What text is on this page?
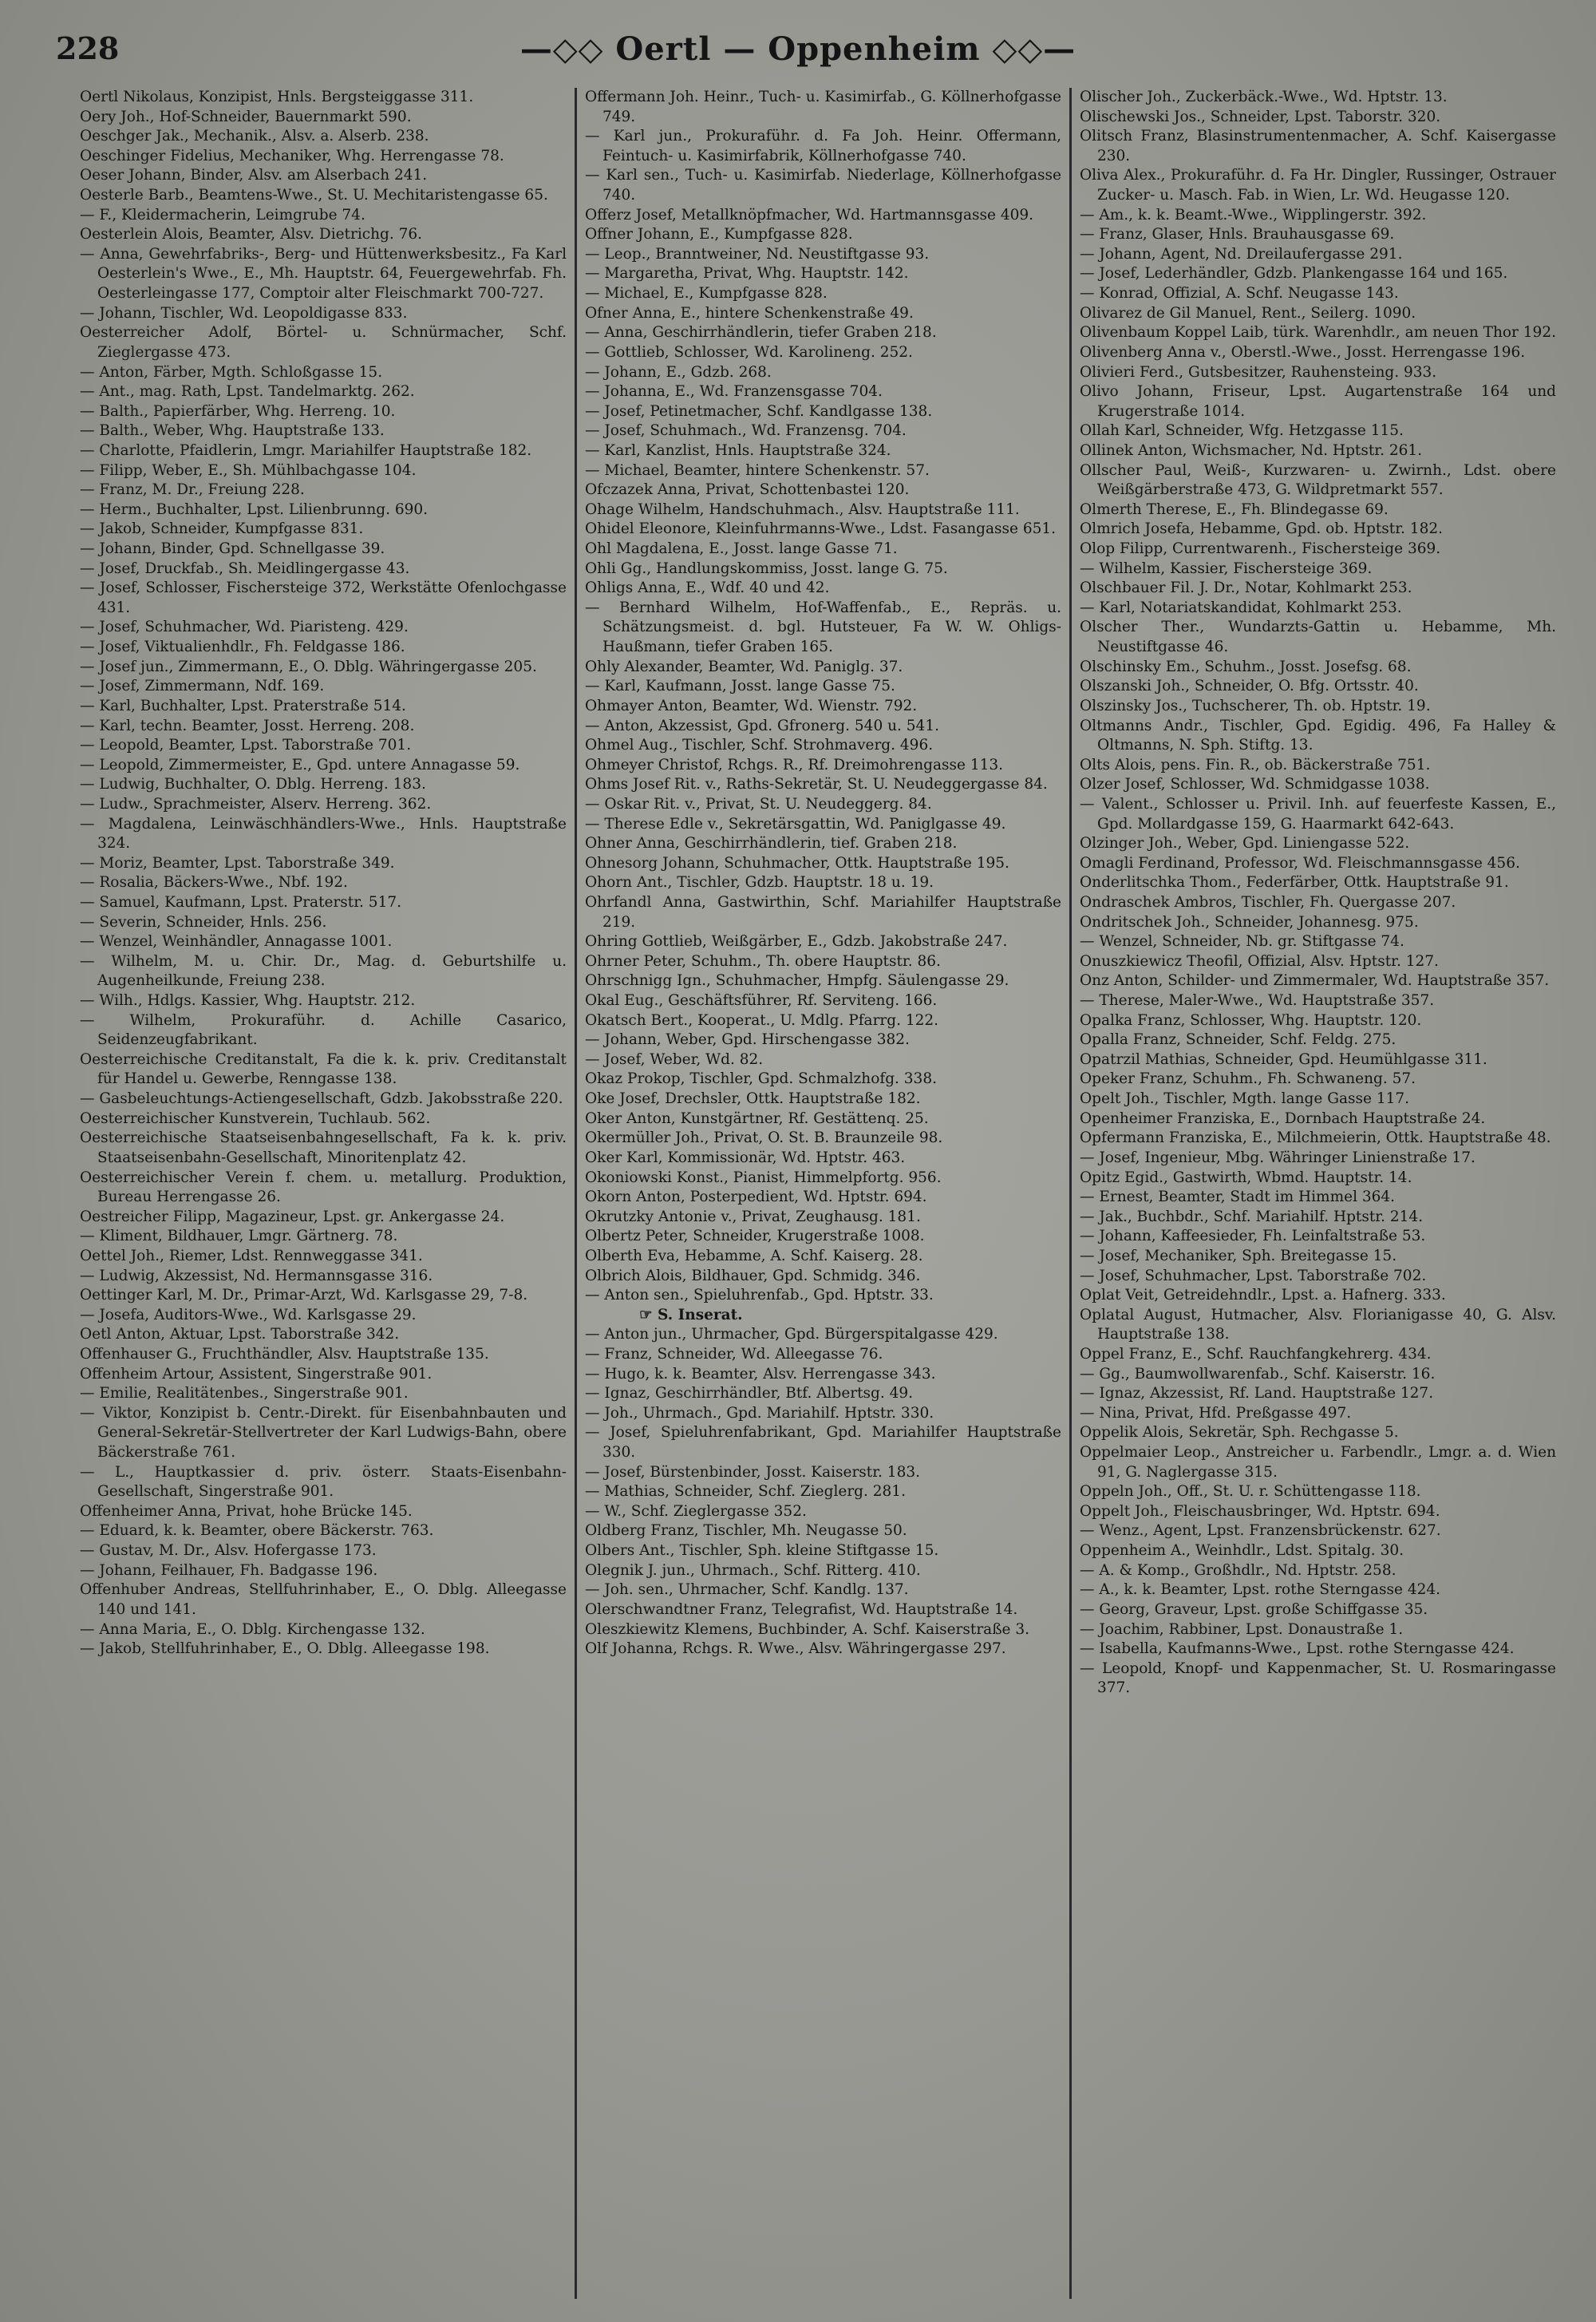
228	—◇◇ Oertl — Oppenheim ◇◇—

Oertl Nikolaus, Konzipist, Hnls. Bergsteiggasse 311.

Oery Joh., Hof-Schneider, Bauernmarkt 590.

Oeschger Jak., Mechanik., Alsv. a. Alserb. 238.

Oeschinger Fidelius, Mechaniker, Whg. Herrengasse 78.

Oeser Johann, Binder, Alsv. am Alserbach 241.

Oesterle Barb., Beamtens-Wwe., St. U. Mechitaristengasse 65.

— F., Kleidermacherin, Leimgrube 74.

Oesterlein Alois, Beamter, Alsv. Dietrichg. 76.

— Anna, Gewehrfabriks-, Berg- und Hüttenwerksbesitz., Fa Karl Oesterlein's Wwe., E., Mh. Hauptstr. 64, Feuergewehrfab. Fh. Oesterleingasse 177, Comptoir alter Fleischmarkt 700-727.

— Johann, Tischler, Wd. Leopoldigasse 833.

Oesterreicher Adolf, Börtel- u. Schnürmacher, Schf. Zieglergasse 473.

— Anton, Färber, Mgth. Schloßgasse 15.

— Ant., mag. Rath, Lpst. Tandelmarktg. 262.

— Balth., Papierfärber, Whg. Herreng. 10.

— Balth., Weber, Whg. Hauptstraße 133.

— Charlotte, Pfaidlerin, Lmgr. Mariahilfer Hauptstraße 182.

— Filipp, Weber, E., Sh. Mühlbachgasse 104.

— Franz, M. Dr., Freiung 228.

— Herm., Buchhalter, Lpst. Lilienbrunng. 690.

— Jakob, Schneider, Kumpfgasse 831.

— Johann, Binder, Gpd. Schnellgasse 39.

— Josef, Druckfab., Sh. Meidlingergasse 43.

— Josef, Schlosser, Fischersteige 372, Werkstätte Ofenlochgasse 431.

— Josef, Schuhmacher, Wd. Piaristeng. 429.

— Josef, Viktualienhdlr., Fh. Feldgasse 186.

— Josef jun., Zimmermann, E., O. Dblg. Währingergasse 205.

— Josef, Zimmermann, Ndf. 169.

— Karl, Buchhalter, Lpst. Praterstraße 514.

— Karl, techn. Beamter, Josst. Herreng. 208.

— Leopold, Beamter, Lpst. Taborstraße 701.

— Leopold, Zimmermeister, E., Gpd. untere Annagasse 59.

— Ludwig, Buchhalter, O. Dblg. Herreng. 183.

— Ludw., Sprachmeister, Alserv. Herreng. 362.

— Magdalena, Leinwäschhändlers-Wwe., Hnls. Hauptstraße 324.

— Moriz, Beamter, Lpst. Taborstraße 349.

— Rosalia, Bäckers-Wwe., Nbf. 192.

— Samuel, Kaufmann, Lpst. Praterstr. 517.

— Severin, Schneider, Hnls. 256.

— Wenzel, Weinhändler, Annagasse 1001.

— Wilhelm, M. u. Chir. Dr., Mag. d. Geburtshilfe u. Augenheilkunde, Freiung 238.

— Wilh., Hdlgs. Kassier, Whg. Hauptstr. 212.

— Wilhelm, Prokuraführ. d. Achille Casarico, Seidenzeugfabrikant.

Oesterreichische Creditanstalt, Fa die k. k. priv. Creditanstalt für Handel u. Gewerbe, Renngasse 138.

— Gasbeleuchtungs-Actiengesellschaft, Gdzb. Jakobsstraße 220.

Oesterreichischer Kunstverein, Tuchlaub. 562.

Oesterreichische Staatseisenbahngesellschaft, Fa k. k. priv. Staatseisenbahn-Gesellschaft, Minoritenplatz 42.

Oesterreichischer Verein f. chem. u. metallurg. Produktion, Bureau Herrengasse 26.

Oestreicher Filipp, Magazineur, Lpst. gr. Ankergasse 24.

— Kliment, Bildhauer, Lmgr. Gärtnerg. 78.

Oettel Joh., Riemer, Ldst. Rennweggasse 341.

— Ludwig, Akzessist, Nd. Hermannsgasse 316.

Oettinger Karl, M. Dr., Primar-Arzt, Wd. Karlsgasse 29, 7-8.

— Josefa, Auditors-Wwe., Wd. Karlsgasse 29.

Oetl Anton, Aktuar, Lpst. Taborstraße 342.

Offenhauser G., Fruchthändler, Alsv. Hauptstraße 135.

Offenheim Artour, Assistent, Singerstraße 901.

— Emilie, Realitätenbes., Singerstraße 901.

— Viktor, Konzipist b. Centr.-Direkt. für Eisenbahnbauten und General-Sekretär-Stellvertreter der Karl Ludwigs-Bahn, obere Bäckerstraße 761.

— L., Hauptkassier d. priv. österr. Staats-Eisenbahn-Gesellschaft, Singerstraße 901.

Offenheimer Anna, Privat, hohe Brücke 145.

— Eduard, k. k. Beamter, obere Bäckerstr. 763.

— Gustav, M. Dr., Alsv. Hofergasse 173.

— Johann, Feilhauer, Fh. Badgasse 196.

Offenhuber Andreas, Stellfuhrinhaber, E., O. Dblg. Alleegasse 140 und 141.

— Anna Maria, E., O. Dblg. Kirchengasse 132.

— Jakob, Stellfuhrinhaber, E., O. Dblg. Alleegasse 198.

Offermann Joh. Heinr., Tuch- u. Kasimirfab., G. Köllnerhofgasse 749.

— Karl jun., Prokuraführ. d. Fa Joh. Heinr. Offermann, Feintuch- u. Kasimirfabrik, Köllnerhofgasse 740.

— Karl sen., Tuch- u. Kasimirfab. Niederlage, Köllnerhofgasse 740.

Offerz Josef, Metallknöpfmacher, Wd. Hartmannsgasse 409.

Offner Johann, E., Kumpfgasse 828.

— Leop., Branntweiner, Nd. Neustiftgasse 93.

— Margaretha, Privat, Whg. Hauptstr. 142.

— Michael, E., Kumpfgasse 828.

Ofner Anna, E., hintere Schenkenstraße 49.

— Anna, Geschirrhändlerin, tiefer Graben 218.

— Gottlieb, Schlosser, Wd. Karolineng. 252.

— Johann, E., Gdzb. 268.

— Johanna, E., Wd. Franzensgasse 704.

— Josef, Petinetmacher, Schf. Kandlgasse 138.

— Josef, Schuhmach., Wd. Franzensg. 704.

— Karl, Kanzlist, Hnls. Hauptstraße 324.

— Michael, Beamter, hintere Schenkenstr. 57.

Ofczazek Anna, Privat, Schottenbastei 120.

Ohage Wilhelm, Handschuhmach., Alsv. Hauptstraße 111.

Ohidel Eleonore, Kleinfuhrmanns-Wwe., Ldst. Fasangasse 651.

Ohl Magdalena, E., Josst. lange Gasse 71.

Ohli Gg., Handlungskommiss, Josst. lange G. 75.

Ohligs Anna, E., Wdf. 40 und 42.

— Bernhard Wilhelm, Hof-Waffenfab., E., Repräs. u. Schätzungsmeist. d. bgl. Hutsteuer, Fa W. W. Ohligs-Haußmann, tiefer Graben 165.

Ohly Alexander, Beamter, Wd. Paniglg. 37.

— Karl, Kaufmann, Josst. lange Gasse 75.

Ohmayer Anton, Beamter, Wd. Wienstr. 792.

— Anton, Akzessist, Gpd. Gfronerg. 540 u. 541.

Ohmel Aug., Tischler, Schf. Strohmaverg. 496.

Ohmeyer Christof, Rchgs. R., Rf. Dreimohrengasse 113.

Ohms Josef Rit. v., Raths-Sekretär, St. U. Neudeggergasse 84.

— Oskar Rit. v., Privat, St. U. Neudeggerg. 84.

— Therese Edle v., Sekretärsgattin, Wd. Paniglgasse 49.

Ohner Anna, Geschirrhändlerin, tief. Graben 218.

Ohnesorg Johann, Schuhmacher, Ottk. Hauptstraße 195.

Ohorn Ant., Tischler, Gdzb. Hauptstr. 18 u. 19.

Ohrfandl Anna, Gastwirthin, Schf. Mariahilfer Hauptstraße 219.

Ohring Gottlieb, Weißgärber, E., Gdzb. Jakobstraße 247.

Ohrner Peter, Schuhm., Th. obere Hauptstr. 86.

Ohrschnigg Ign., Schuhmacher, Hmpfg. Säulengasse 29.

Okal Eug., Geschäftsführer, Rf. Serviteng. 166.

Okatsch Bert., Kooperat., U. Mdlg. Pfarrg. 122.

— Johann, Weber, Gpd. Hirschengasse 382.

— Josef, Weber, Wd. 82.

Okaz Prokop, Tischler, Gpd. Schmalzhofg. 338.

Oke Josef, Drechsler, Ottk. Hauptstraße 182.

Oker Anton, Kunstgärtner, Rf. Gestättenq. 25.

Okermüller Joh., Privat, O. St. B. Braunzeile 98.

Oker Karl, Kommissionär, Wd. Hptstr. 463.

Okoniowski Konst., Pianist, Himmelpfortg. 956.

Okorn Anton, Posterpedient, Wd. Hptstr. 694.

Okrutzky Antonie v., Privat, Zeughausg. 181.

Olbertz Peter, Schneider, Krugerstraße 1008.

Olberth Eva, Hebamme, A. Schf. Kaiserg. 28.

Olbrich Alois, Bildhauer, Gpd. Schmidg. 346.

— Anton sen., Spieluhrenfab., Gpd. Hptstr. 33.

☞ S. Inserat.

— Anton jun., Uhrmacher, Gpd. Bürgerspitalgasse 429.

— Franz, Schneider, Wd. Alleegasse 76.

— Hugo, k. k. Beamter, Alsv. Herrengasse 343.

— Ignaz, Geschirrhändler, Btf. Albertsg. 49.

— Joh., Uhrmach., Gpd. Mariahilf. Hptstr. 330.

— Josef, Spieluhrenfabrikant, Gpd. Mariahilfer Hauptstraße 330.

— Josef, Bürstenbinder, Josst. Kaiserstr. 183.

— Mathias, Schneider, Schf. Zieglerg. 281.

— W., Schf. Zieglergasse 352.

Oldberg Franz, Tischler, Mh. Neugasse 50.

Olbers Ant., Tischler, Sph. kleine Stiftgasse 15.

Olegnik J. jun., Uhrmach., Schf. Ritterg. 410.

— Joh. sen., Uhrmacher, Schf. Kandlg. 137.

Olerschwandtner Franz, Telegrafist, Wd. Hauptstraße 14.

Oleszkiewitz Klemens, Buchbinder, A. Schf. Kaiserstraße 3.

Olf Johanna, Rchgs. R. Wwe., Alsv. Währingergasse 297.

Olischer Joh., Zuckerbäck.-Wwe., Wd. Hptstr. 13.

Olischewski Jos., Schneider, Lpst. Taborstr. 320.

Olitsch Franz, Blasinstrumentenmacher, A. Schf. Kaisergasse 230.

Oliva Alex., Prokuraführ. d. Fa Hr. Dingler, Russinger, Ostrauer Zucker- u. Masch. Fab. in Wien, Lr. Wd. Heugasse 120.

— Am., k. k. Beamt.-Wwe., Wipplingerstr. 392.

— Franz, Glaser, Hnls. Brauhausgasse 69.

— Johann, Agent, Nd. Dreilaufergasse 291.

— Josef, Lederhändler, Gdzb. Plankengasse 164 und 165.

— Konrad, Offizial, A. Schf. Neugasse 143.

Olivarez de Gil Manuel, Rent., Seilerg. 1090.

Olivenbaum Koppel Laib, türk. Warenhdlr., am neuen Thor 192.

Olivenberg Anna v., Oberstl.-Wwe., Josst. Herrengasse 196.

Olivieri Ferd., Gutsbesitzer, Rauhensteing. 933.

Olivo Johann, Friseur, Lpst. Augartenstraße 164 und Krugerstraße 1014.

Ollah Karl, Schneider, Wfg. Hetzgasse 115.

Ollinek Anton, Wichsmacher, Nd. Hptstr. 261.

Ollscher Paul, Weiß-, Kurzwaren- u. Zwirnh., Ldst. obere Weißgärberstraße 473, G. Wildpretmarkt 557.

Olmerth Therese, E., Fh. Blindegasse 69.

Olmrich Josefa, Hebamme, Gpd. ob. Hptstr. 182.

Olop Filipp, Currentwarenh., Fischersteige 369.

— Wilhelm, Kassier, Fischersteige 369.

Olschbauer Fil. J. Dr., Notar, Kohlmarkt 253.

— Karl, Notariatskandidat, Kohlmarkt 253.

Olscher Ther., Wundarzts-Gattin u. Hebamme, Mh. Neustiftgasse 46.

Olschinsky Em., Schuhm., Josst. Josefsg. 68.

Olszanski Joh., Schneider, O. Bfg. Ortsstr. 40.

Olszinsky Jos., Tuchscherer, Th. ob. Hptstr. 19.

Oltmanns Andr., Tischler, Gpd. Egidig. 496, Fa Halley & Oltmanns, N. Sph. Stiftg. 13.

Olts Alois, pens. Fin. R., ob. Bäckerstraße 751.

Olzer Josef, Schlosser, Wd. Schmidgasse 1038.

— Valent., Schlosser u. Privil. Inh. auf feuerfeste Kassen, E., Gpd. Mollardgasse 159, G. Haarmarkt 642-643.

Olzinger Joh., Weber, Gpd. Liniengasse 522.

Omagli Ferdinand, Professor, Wd. Fleischmannsgasse 456.

Onderlitschka Thom., Federfärber, Ottk. Hauptstraße 91.

Ondraschek Ambros, Tischler, Fh. Quergasse 207.

Ondritschek Joh., Schneider, Johannesg. 975.

— Wenzel, Schneider, Nb. gr. Stiftgasse 74.

Onuszkiewicz Theofil, Offizial, Alsv. Hptstr. 127.

Onz Anton, Schilder- und Zimmermaler, Wd. Hauptstraße 357.

— Therese, Maler-Wwe., Wd. Hauptstraße 357.

Opalka Franz, Schlosser, Whg. Hauptstr. 120.

Opalla Franz, Schneider, Schf. Feldg. 275.

Opatrzil Mathias, Schneider, Gpd. Heumühlgasse 311.

Opeker Franz, Schuhm., Fh. Schwaneng. 57.

Opelt Joh., Tischler, Mgth. lange Gasse 117.

Openheimer Franziska, E., Dornbach Hauptstraße 24.

Opfermann Franziska, E., Milchmeierin, Ottk. Hauptstraße 48.

— Josef, Ingenieur, Mbg. Währinger Linienstraße 17.

Opitz Egid., Gastwirth, Wbmd. Hauptstr. 14.

— Ernest, Beamter, Stadt im Himmel 364.

— Jak., Buchbdr., Schf. Mariahilf. Hptstr. 214.

— Johann, Kaffeesieder, Fh. Leinfaltstraße 53.

— Josef, Mechaniker, Sph. Breitegasse 15.

— Josef, Schuhmacher, Lpst. Taborstraße 702.

Oplat Veit, Getreidehndlr., Lpst. a. Hafnerg. 333.

Oplatal August, Hutmacher, Alsv. Florianigasse 40, G. Alsv. Hauptstraße 138.

Oppel Franz, E., Schf. Rauchfangkehrerg. 434.

— Gg., Baumwollwarenfab., Schf. Kaiserstr. 16.

— Ignaz, Akzessist, Rf. Land. Hauptstraße 127.

— Nina, Privat, Hfd. Preßgasse 497.

Oppelik Alois, Sekretär, Sph. Rechgasse 5.

Oppelmaier Leop., Anstreicher u. Farbendlr., Lmgr. a. d. Wien 91, G. Naglergasse 315.

Oppeln Joh., Off., St. U. r. Schüttengasse 118.

Oppelt Joh., Fleischausbringer, Wd. Hptstr. 694.

— Wenz., Agent, Lpst. Franzensbrückenstr. 627.

Oppenheim A., Weinhdlr., Ldst. Spitalg. 30.

— A. & Komp., Großhdlr., Nd. Hptstr. 258.

— A., k. k. Beamter, Lpst. rothe Sterngasse 424.

— Georg, Graveur, Lpst. große Schiffgasse 35.

— Joachim, Rabbiner, Lpst. Donaustraße 1.

— Isabella, Kaufmanns-Wwe., Lpst. rothe Sterngasse 424.

— Leopold, Knopf- und Kappenmacher, St. U. Rosmaringasse 377.
